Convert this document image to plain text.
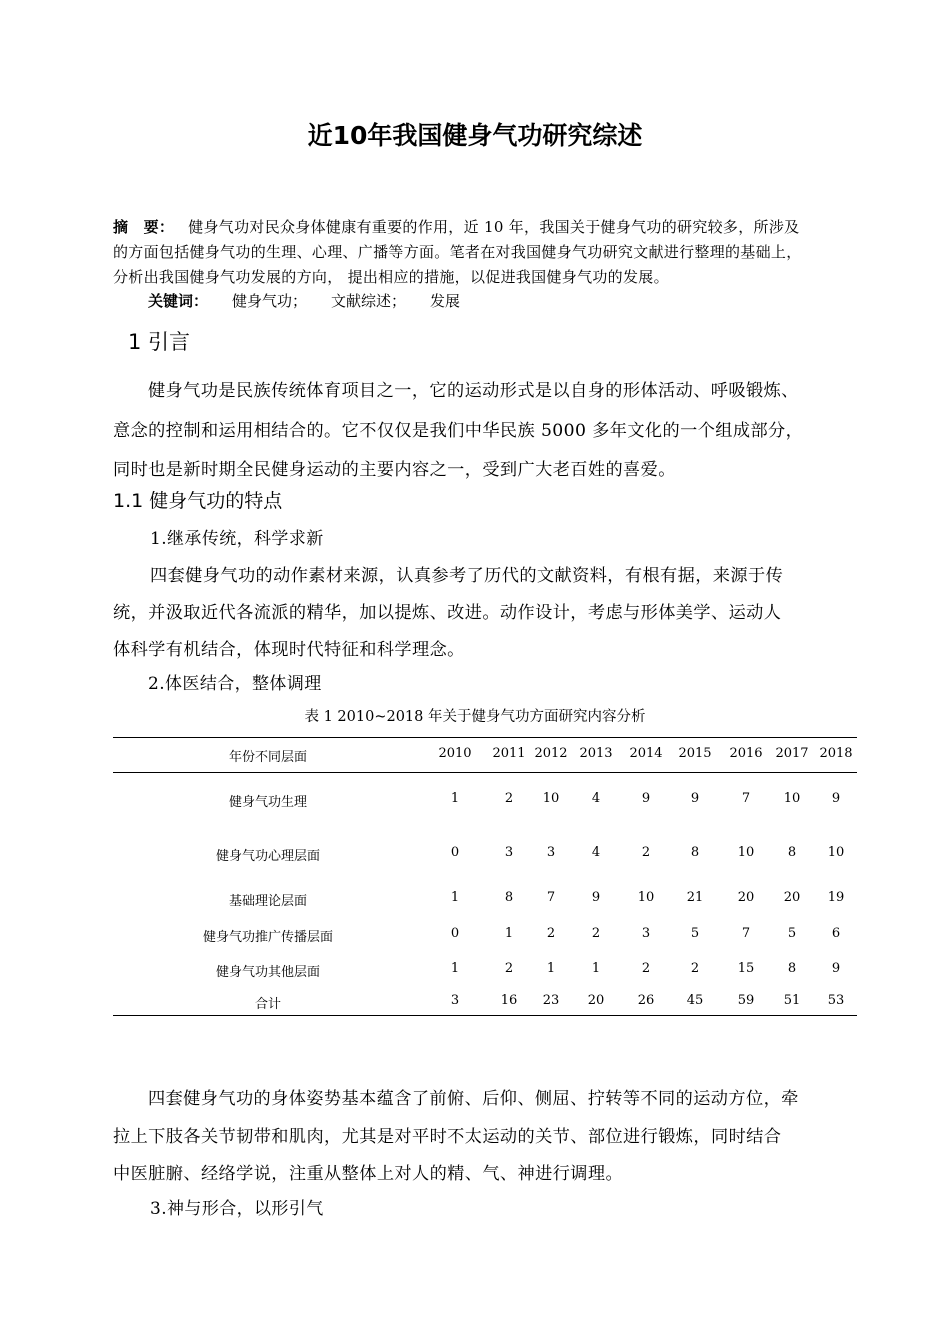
近10年我国健身气功研究综述
摘　要： 健身气功对民众身体健康有重要的作用，近 10 年，我国关于健身气功的研究较多，所涉及
的方面包括健身气功的生理、心理、广播等方面。笔者在对我国健身气功研究文献进行整理的基础上，
分析出我国健身气功发展的方向， 提出相应的措施，以促进我国健身气功的发展。
关键词： 健身气功； 文献综述； 发展
1 引言
健身气功是民族传统体育项目之一，它的运动形式是以自身的形体活动、呼吸锻炼、
意念的控制和运用相结合的。它不仅仅是我们中华民族 5000 多年文化的一个组成部分，
同时也是新时期全民健身运动的主要内容之一，受到广大老百姓的喜爱。
1.1 健身气功的特点
1.继承传统，科学求新
四套健身气功的动作素材来源，认真参考了历代的文献资料，有根有据，来源于传
统，并汲取近代各流派的精华，加以提炼、改进。动作设计，考虑与形体美学、运动人
体科学有机结合，体现时代特征和科学理念。
2.体医结合，整体调理
表 1 2010~2018 年关于健身气功方面研究内容分析
年份不同层面	2010 2011 2012 2013 2014 2015 2016 2017 2018
健身气功生理	1	2 10	4	9	9	7	10 9
健身气功心理层面	0	3	3	4	2	8	10	8 10
基础理论层面	1	8	7	9	10 21	20 20 19
健身气功推广传播层面	0	1	2	2	3	5	7	5	6
健身气功其他层面	1	2	1	1	2	2	15	8	9
合计	3	16 23 20	26 45	59 51 53
四套健身气功的身体姿势基本蕴含了前俯、后仰、侧屈、拧转等不同的运动方位，牵
拉上下肢各关节韧带和肌肉，尤其是对平时不太运动的关节、部位进行锻炼，同时结合
中医脏腑、经络学说，注重从整体上对人的精、气、神进行调理。
3.神与形合，以形引气
